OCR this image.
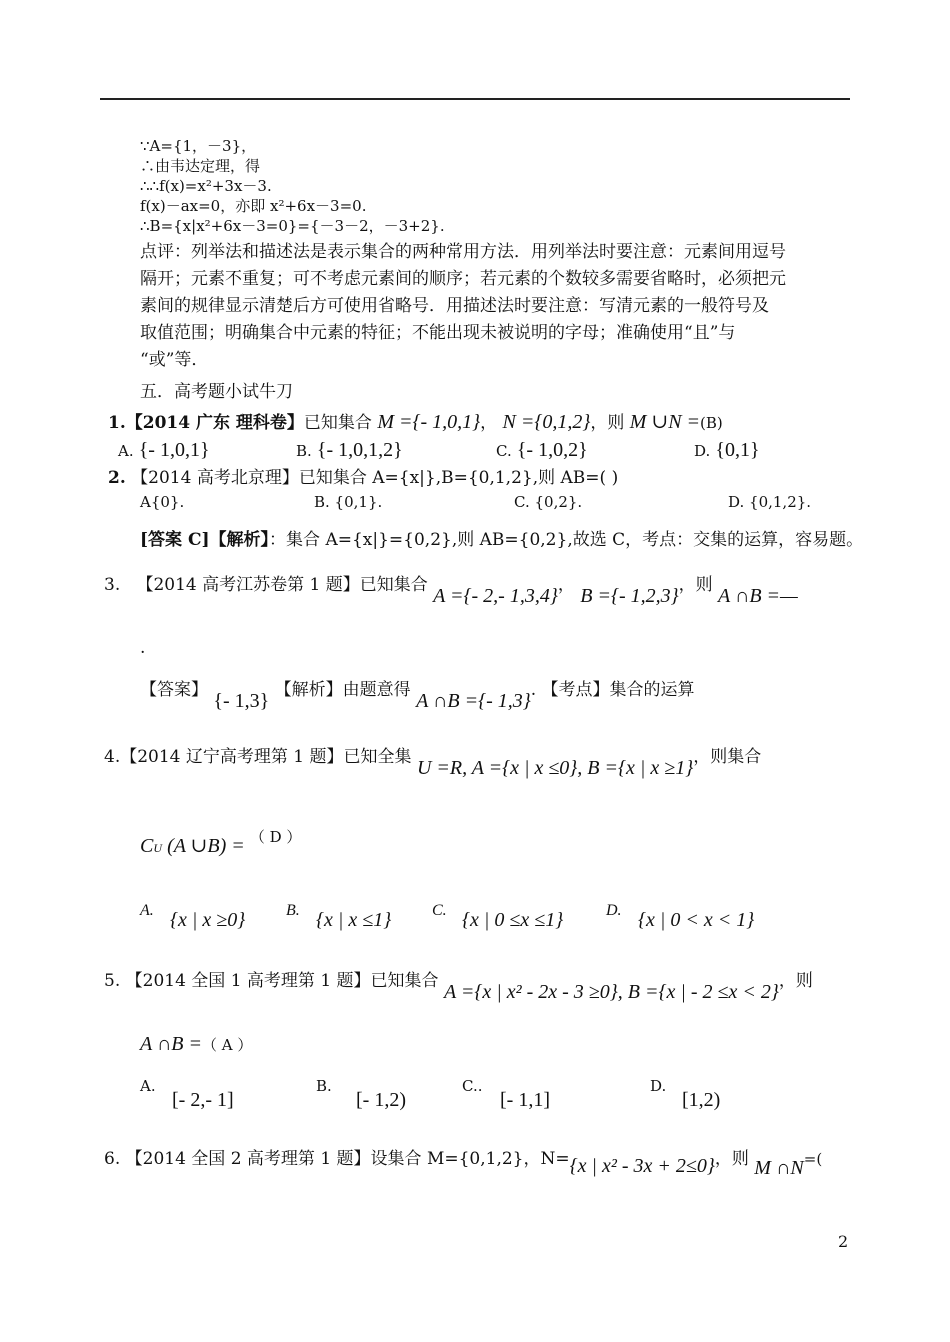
∵A={1，－3}，
∴由韦达定理，得
∴∴f(x)=x²+3x－3.
f(x)－ax=0，亦即 x²+6x－3=0.
∴B={x|x²+6x－3=0}={－3－2，－3+2}.
点评：列举法和描述法是表示集合的两种常用方法．用列举法时要注意：元素间用逗号
隔开；元素不重复；可不考虑元素间的顺序；若元素的个数较多需要省略时，必须把元
素间的规律显示清楚后方可使用省略号．用描述法时要注意：写清元素的一般符号及
取值范围；明确集合中元素的特征；不能出现未被说明的字母；准确使用“且”与
“或”等．
五．高考题小试牛刀
1.【2014 广东 理科卷】已知集合 M ={- 1,0,1}， N ={0,1,2}，则 M ∪N =(B)
A. {- 1,0,1}	B. {- 1,0,1,2}	C. {- 1,0,2}	D. {0,1}
2. 【2014 高考北京理】已知集合 A={x|},B={0,1,2},则 AB=( )
A{0}.	B. {0,1}.	C. {0,2}.	D. {0,1,2}.
[答案 C]【解析】：集合 A={x|}={0,2},则 AB={0,2},故选 C，考点：交集的运算，容易题。
3. 【2014 高考江苏卷第 1 题】已知集合 A ={- 2,- 1,3,4}， B ={- 1,2,3}，则 A ∩B =—
.
【答案】 {- 1,3} 【解析】由题意得 A ∩B ={- 1,3}. 【考点】集合的运算
4.【2014 辽宁高考理第 1 题】已知全集 U =R, A ={x | x ≤0}, B ={x | x ≥1}，则集合
CU (A ∪B) = （ D ）
A. {x | x ≥0}	B. {x | x ≤1}	C. {x | 0 ≤x ≤1}	D. {x | 0 < x < 1}
5. 【2014 全国 1 高考理第 1 题】已知集合 A ={x | x² - 2x - 3 ≥0}, B ={x | - 2 ≤x < 2}，则
A ∩B =（ A ）
A.
[- 2,- 1]
B.
[- 1,2)
C..
[- 1,1]
D.
[1,2)
6. 【2014 全国 2 高考理第 1 题】设集合 M={0,1,2}，N={x | x² - 3x + 2≤0}，则 M ∩N=(
2
